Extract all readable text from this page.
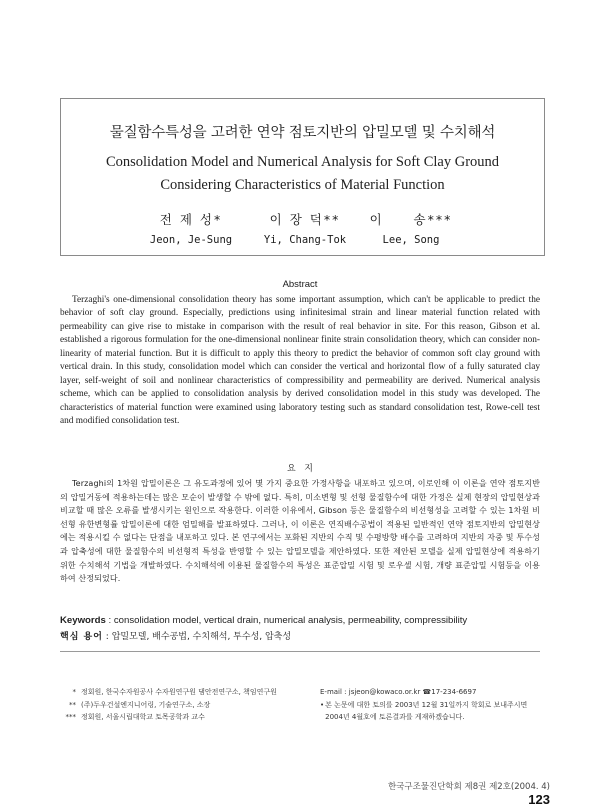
물질함수특성을 고려한 연약 점토지반의 압밀모델 및 수치해석
Consolidation Model and Numerical Analysis for Soft Clay Ground
Considering Characteristics of Material Function
전 제 성*
Jeon, Je-Sung
이 장 덕**
Yi, Chang-Tok
이     송***
Lee, Song
Abstract
Terzaghi's one-dimensional consolidation theory has some important assumption, which can't be applicable to predict the behavior of soft clay ground. Especially, predictions using infinitesimal strain and linear material function related with permeability can give rise to mistake in comparison with the result of real behavior in site. For this reason, Gibson et al. established a rigorous formulation for the one-dimensional nonlinear finite strain consolidation theory, which can consider non-linearity of material function. But it is difficult to apply this theory to predict the behavior of common soft clay ground with vertical drain. In this study, consolidation model which can consider the vertical and horizontal flow of a fully saturated clay layer, self-weight of soil and nonlinear characteristics of compressibility and permeability are derived. Numerical analysis scheme, which can be applied to consolidation analysis by derived consolidation model in this study was developed. The characteristics of material function were examined using laboratory testing such as standard consolidation test, Rowe-cell test and modified consolidation test.
요   지
Terzaghi의 1차원 압밀이론은 그 유도과정에 있어 몇 가지 중요한 가정사항을 내포하고 있으며, 이로인해 이 이론을 연약 점토지반의 압밀거동에 적용하는데는 많은 모순이 발생할 수 밖에 없다. 특히, 미소변형 및 선형 물질함수에 대한 가정은 실제 현장의 압밀현상과 비교할 때 많은 오류를 발생시키는 원인으로 작용한다. 이러한 이유에서, Gibson 등은 물질함수의 비선형성을 고려할 수 있는 1차원 비선형 유한변형률 압밀이론에 대한 엄밀해를 발표하였다. 그러나, 이 이론은 연직배수공법이 적용된 일반적인 연약 점토지반의 압밀현상에는 적용시킬 수 없다는 단점을 내포하고 있다. 본 연구에서는 포화된 지반의 수직 및 수평방향 배수를 고려하며 지반의 자중 및 투수성과 압축성에 대한 물질함수의 비선형적 특성을 반영할 수 있는 압밀모델을 제안하였다. 또한 제안된 모델을 실제 압밀현상에 적용하기 위한 수치해석 기법을 개발하였다. 수치해석에 이용된 물질함수의 특성은 표준압밀 시험 및 로우셀 시험, 개량 표준압밀 시험등을 이용하여 산정되었다.
Keywords : consolidation model, vertical drain, numerical analysis, permeability, compressibility
핵심 용어 : 압밀모델, 배수공법, 수치해석, 투수성, 압축성
* 정회원, 한국수자원공사 수자원연구원 댐안전연구소, 책임연구원
** (주)두우건설엔지니어링, 기술연구소, 소장
*** 정회원, 서울시립대학교 토목공학과 교수
E-mail : jsjeon@kowaco.or.kr ☎17-234-6697
• 본 논문에 대한 토의를 2003년 12월 31일까지 학회로 보내주시면 2004년 4월호에 토론결과를 게재하겠습니다.
한국구조물진단학회 제8권 제2호(2004. 4) 123
